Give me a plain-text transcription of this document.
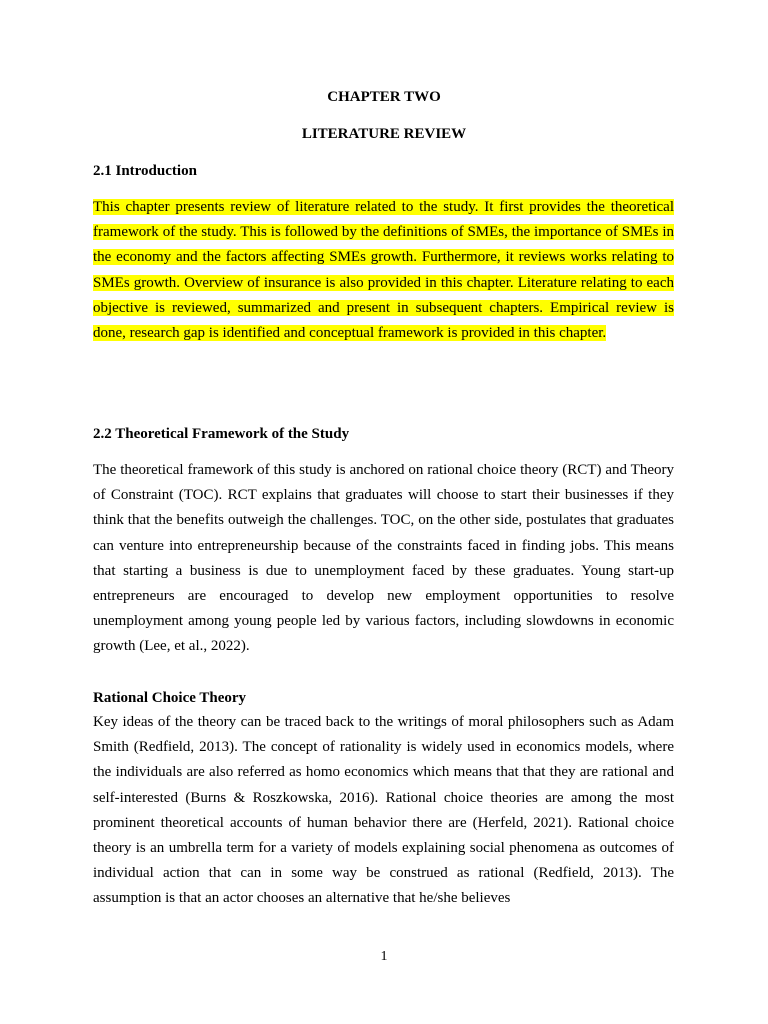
CHAPTER TWO

LITERATURE REVIEW

2.1 Introduction

This chapter presents review of literature related to the study. It first provides the theoretical framework of the study. This is followed by the definitions of SMEs, the importance of SMEs in the economy and the factors affecting SMEs growth. Furthermore, it reviews works relating to SMEs growth. Overview of insurance is also provided in this chapter. Literature relating to each objective is reviewed, summarized and present in subsequent chapters. Empirical review is done, research gap is identified and conceptual framework is provided in this chapter.

2.2 Theoretical Framework of the Study

The theoretical framework of this study is anchored on rational choice theory (RCT) and Theory of Constraint (TOC). RCT explains that graduates will choose to start their businesses if they think that the benefits outweigh the challenges. TOC, on the other side, postulates that graduates can venture into entrepreneurship because of the constraints faced in finding jobs. This means that starting a business is due to unemployment faced by these graduates. Young start-up entrepreneurs are encouraged to develop new employment opportunities to resolve unemployment among young people led by various factors, including slowdowns in economic growth (Lee, et al., 2022).

Rational Choice Theory

Key ideas of the theory can be traced back to the writings of moral philosophers such as Adam Smith (Redfield, 2013). The concept of rationality is widely used in economics models, where the individuals are also referred as homo economics which means that that they are rational and self-interested (Burns & Roszkowska, 2016). Rational choice theories are among the most prominent theoretical accounts of human behavior there are (Herfeld, 2021). Rational choice theory is an umbrella term for a variety of models explaining social phenomena as outcomes of individual action that can in some way be construed as rational (Redfield, 2013). The assumption is that an actor chooses an alternative that he/she believes

1
